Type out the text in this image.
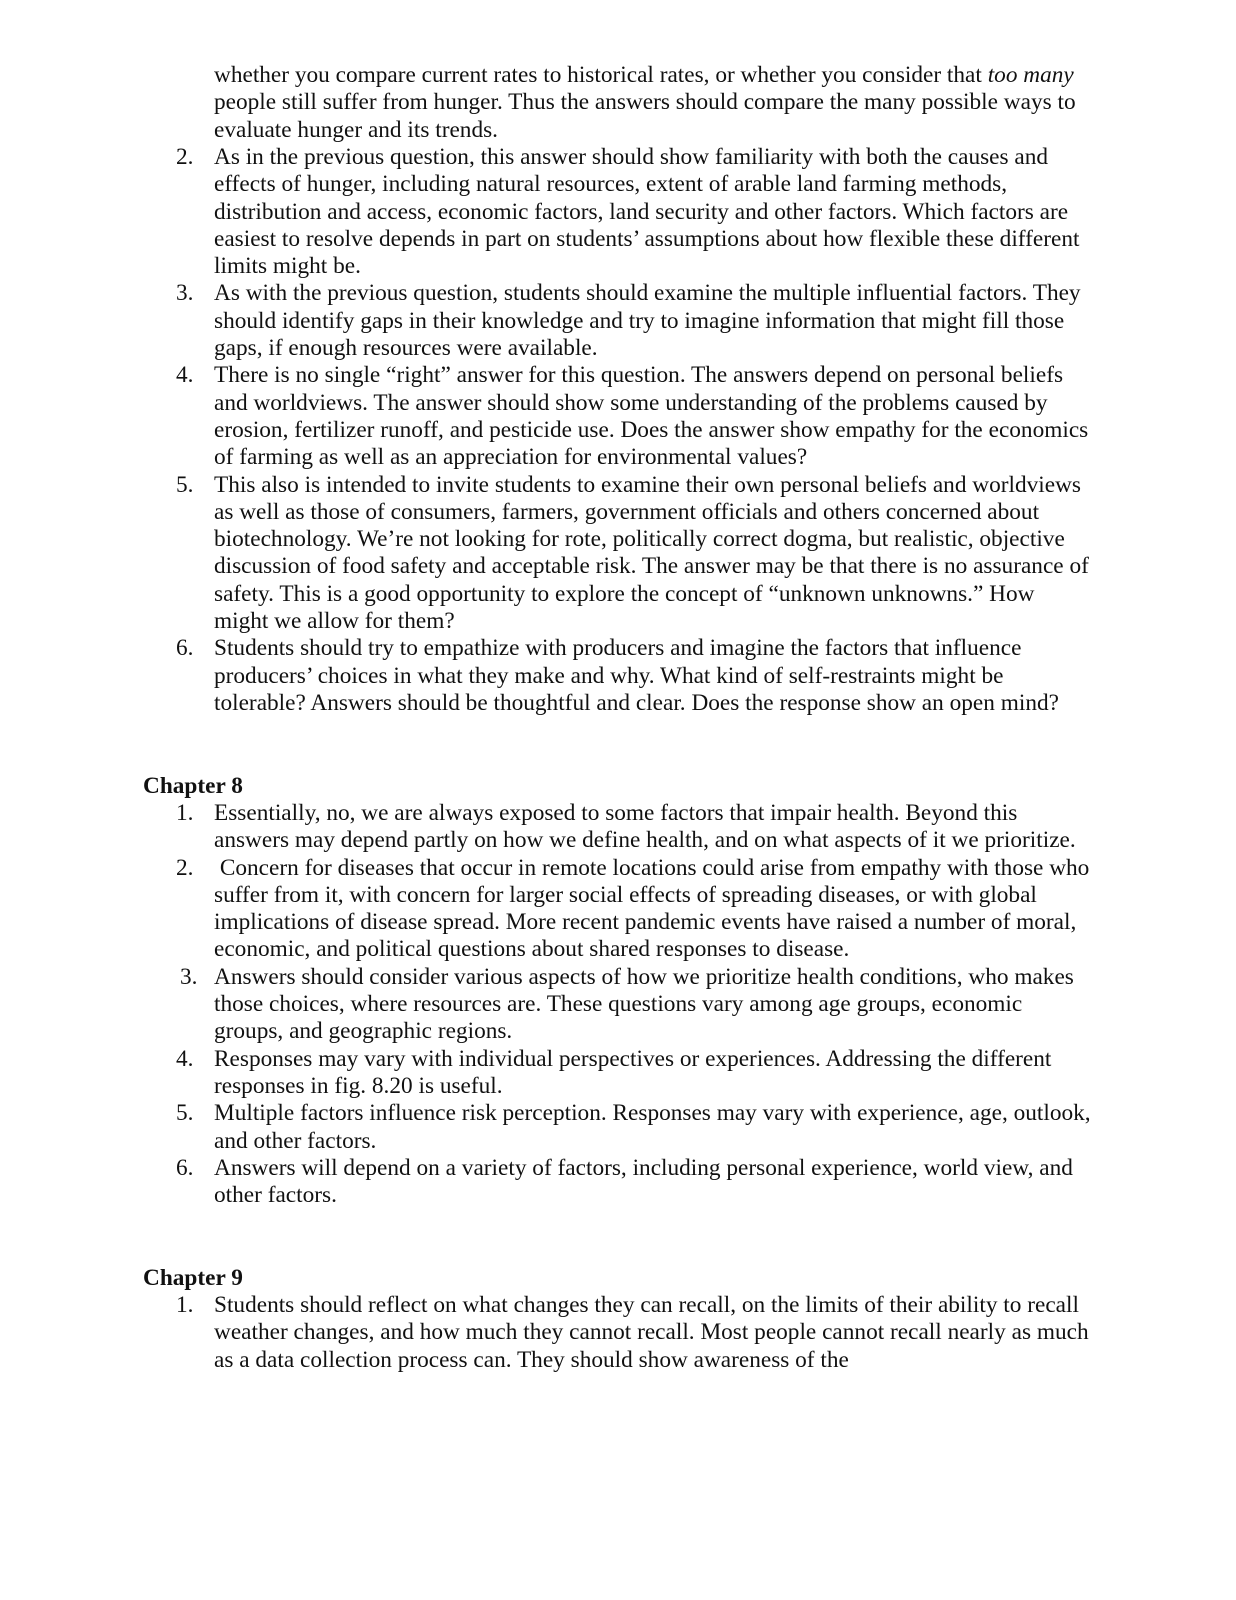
whether you compare current rates to historical rates, or whether you consider that too many people still suffer from hunger. Thus the answers should compare the many possible ways to evaluate hunger and its trends.

2. As in the previous question, this answer should show familiarity with both the causes and effects of hunger, including natural resources, extent of arable land farming methods, distribution and access, economic factors, land security and other factors. Which factors are easiest to resolve depends in part on students’ assumptions about how flexible these different limits might be.
3. As with the previous question, students should examine the multiple influential factors. They should identify gaps in their knowledge and try to imagine information that might fill those gaps, if enough resources were available.
4. There is no single “right” answer for this question. The answers depend on personal beliefs and worldviews. The answer should show some understanding of the problems caused by erosion, fertilizer runoff, and pesticide use. Does the answer show empathy for the economics of farming as well as an appreciation for environmental values?
5. This also is intended to invite students to examine their own personal beliefs and worldviews as well as those of consumers, farmers, government officials and others concerned about biotechnology. We’re not looking for rote, politically correct dogma, but realistic, objective discussion of food safety and acceptable risk. The answer may be that there is no assurance of safety. This is a good opportunity to explore the concept of “unknown unknowns.” How might we allow for them?
6. Students should try to empathize with producers and imagine the factors that influence producers’ choices in what they make and why. What kind of self-restraints might be tolerable? Answers should be thoughtful and clear. Does the response show an open mind?
Chapter 8
1. Essentially, no, we are always exposed to some factors that impair health. Beyond this answers may depend partly on how we define health, and on what aspects of it we prioritize.
2. Concern for diseases that occur in remote locations could arise from empathy with those who suffer from it, with concern for larger social effects of spreading diseases, or with global implications of disease spread. More recent pandemic events have raised a number of moral, economic, and political questions about shared responses to disease.
3. Answers should consider various aspects of how we prioritize health conditions, who makes those choices, where resources are. These questions vary among age groups, economic groups, and geographic regions.
4. Responses may vary with individual perspectives or experiences. Addressing the different responses in fig. 8.20 is useful.
5. Multiple factors influence risk perception. Responses may vary with experience, age, outlook, and other factors.
6. Answers will depend on a variety of factors, including personal experience, world view, and other factors.
Chapter 9
1. Students should reflect on what changes they can recall, on the limits of their ability to recall weather changes, and how much they cannot recall. Most people cannot recall nearly as much as a data collection process can. They should show awareness of the
